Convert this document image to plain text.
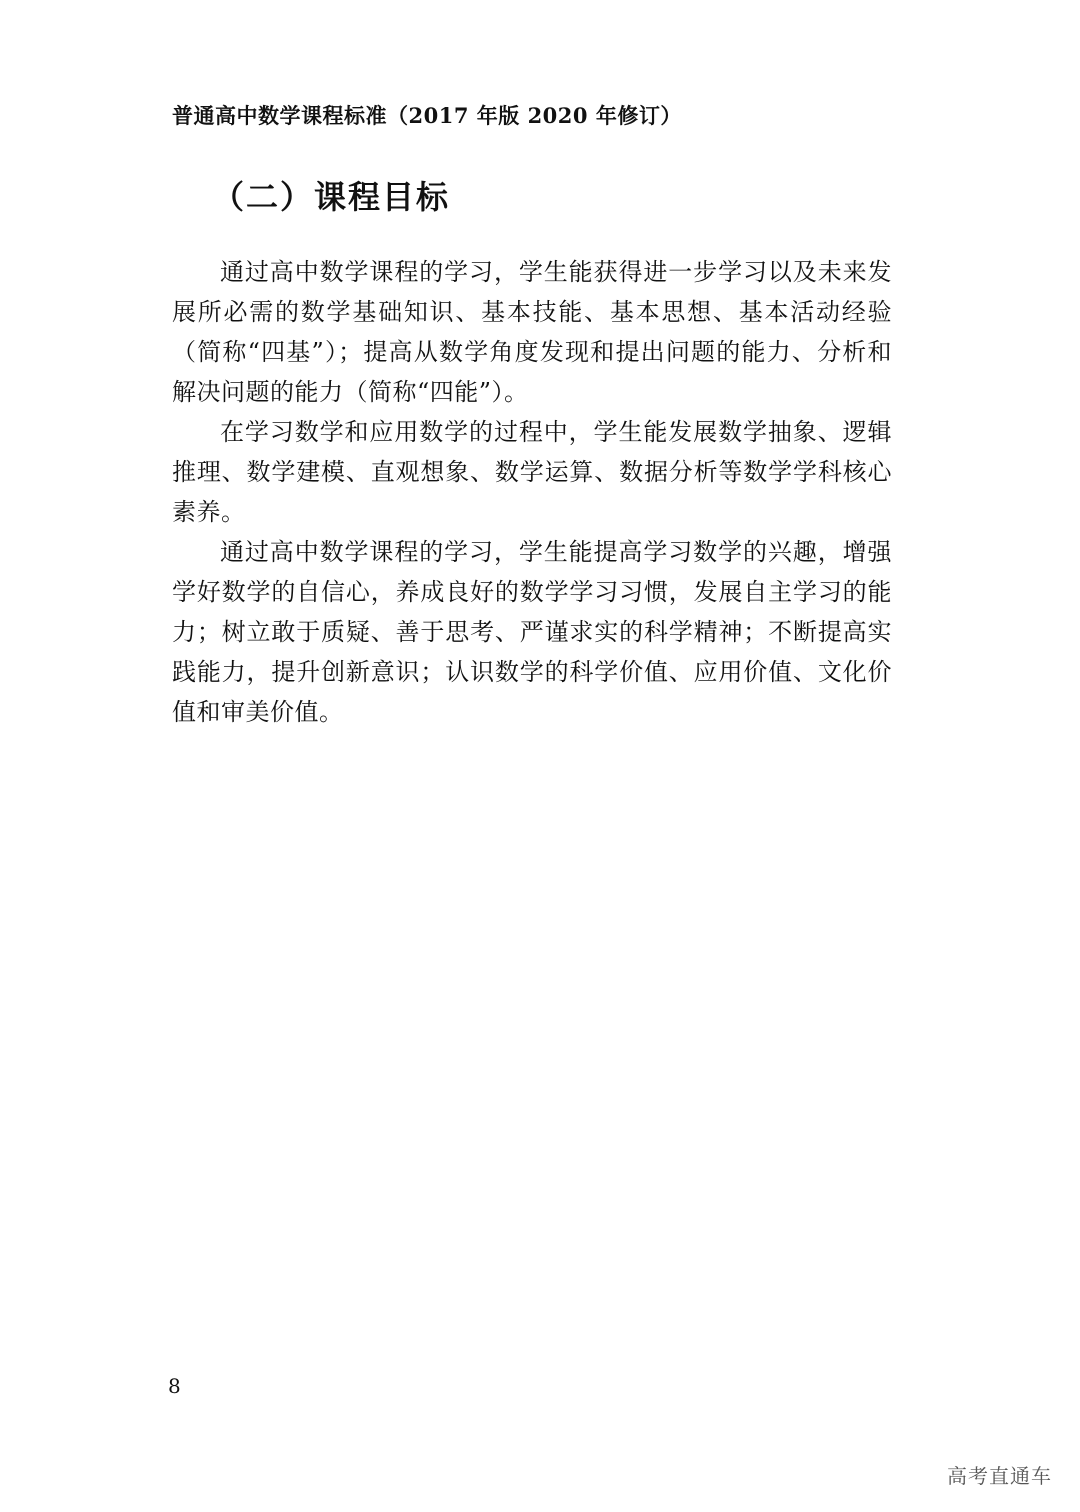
普通高中数学课程标准（2017 年版 2020 年修订）
（二）课程目标

通过高中数学课程的学习，学生能获得进一步学习以及未来发展所必需的数学基础知识、基本技能、基本思想、基本活动经验（简称“四基”）；提高从数学角度发现和提出问题的能力、分析和解决问题的能力（简称“四能”）。

在学习数学和应用数学的过程中，学生能发展数学抽象、逻辑推理、数学建模、直观想象、数学运算、数据分析等数学学科核心素养。

通过高中数学课程的学习，学生能提高学习数学的兴趣，增强学好数学的自信心，养成良好的数学学习习惯，发展自主学习的能力；树立敢于质疑、善于思考、严谨求实的科学精神；不断提高实践能力，提升创新意识；认识数学的科学价值、应用价值、文化价值和审美价值。

8
高考直通车
